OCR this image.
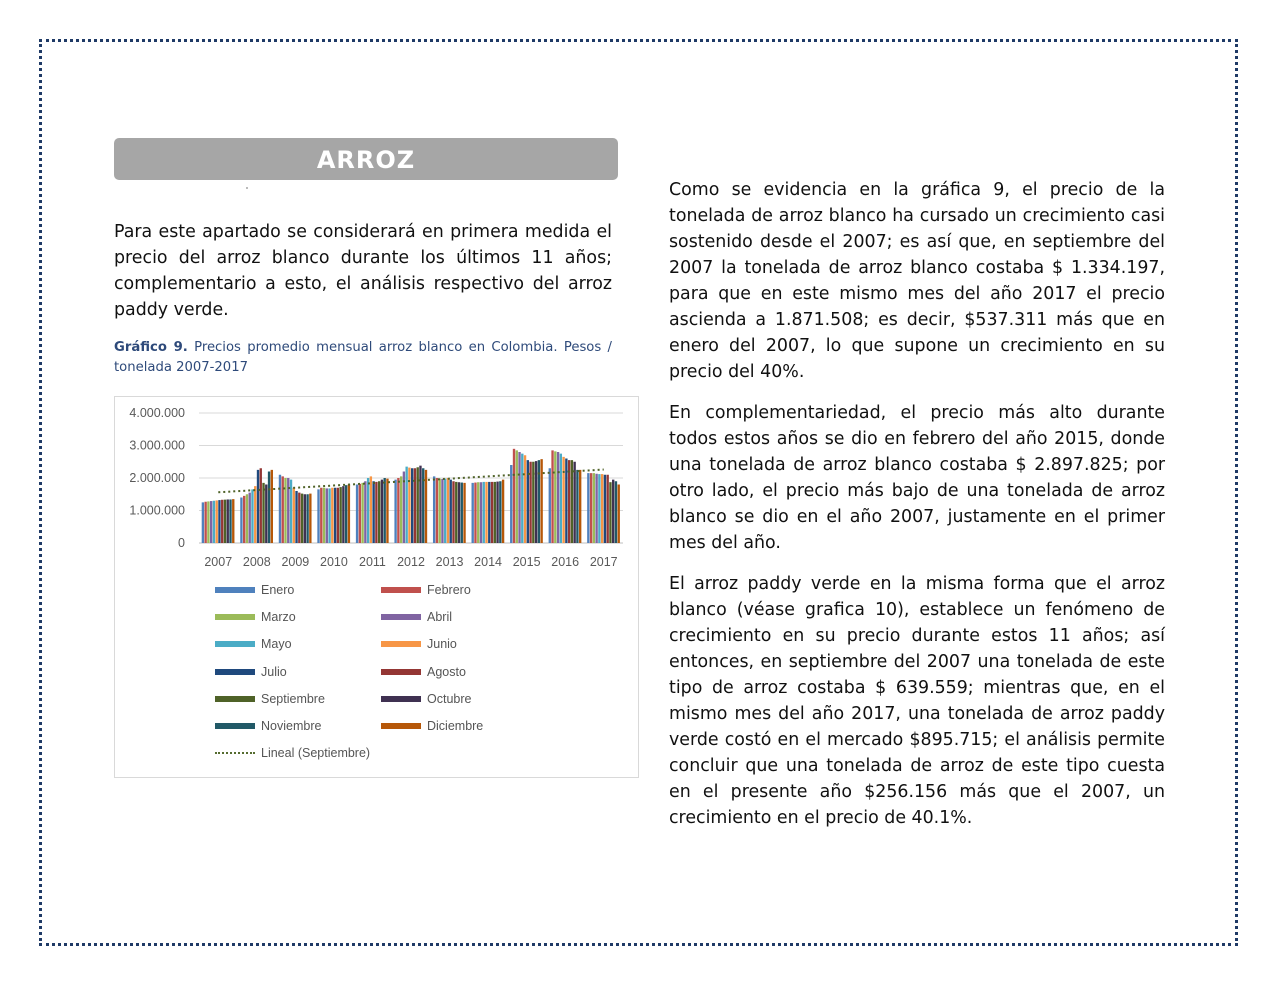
ARROZ

Para este apartado se considerará en primera medida el precio del arroz blanco durante los últimos 11 años; complementario a esto, el análisis respectivo del arroz paddy verde.

Gráfico 9. Precios promedio mensual arroz blanco en Colombia. Pesos / tonelada 2007-2017

0
1.000.000
2.000.000
3.000.000
4.000.000
2007 2008 2009 2010 2011 2012 2013 2014 2015 2016 2017
Enero	Febrero
Marzo	Abril
Mayo	Junio
Julio	Agosto
Septiembre	Octubre
Noviembre	Diciembre
Lineal (Septiembre)

Como se evidencia en la gráfica 9, el precio de la tonelada de arroz blanco ha cursado un crecimiento casi sostenido desde el 2007; es así que, en septiembre del 2007 la tonelada de arroz blanco costaba $ 1.334.197, para que en este mismo mes del año 2017 el precio ascienda a 1.871.508; es decir, $537.311 más que en enero del 2007, lo que supone un crecimiento en su precio del 40%.

En complementariedad, el precio más alto durante todos estos años se dio en febrero del año 2015, donde una tonelada de arroz blanco costaba $ 2.897.825; por otro lado, el precio más bajo de una tonelada de arroz blanco se dio en el año 2007, justamente en el primer mes del año.

El arroz paddy verde en la misma forma que el arroz blanco (véase grafica 10), establece un fenómeno de crecimiento en su precio durante estos 11 años; así entonces, en septiembre del 2007 una tonelada de este tipo de arroz costaba $ 639.559; mientras que, en el mismo mes del año 2017, una tonelada de arroz paddy verde costó en el mercado $895.715; el análisis permite concluir que una tonelada de arroz de este tipo cuesta en el presente año $256.156 más que el 2007, un crecimiento en el precio de 40.1%.
